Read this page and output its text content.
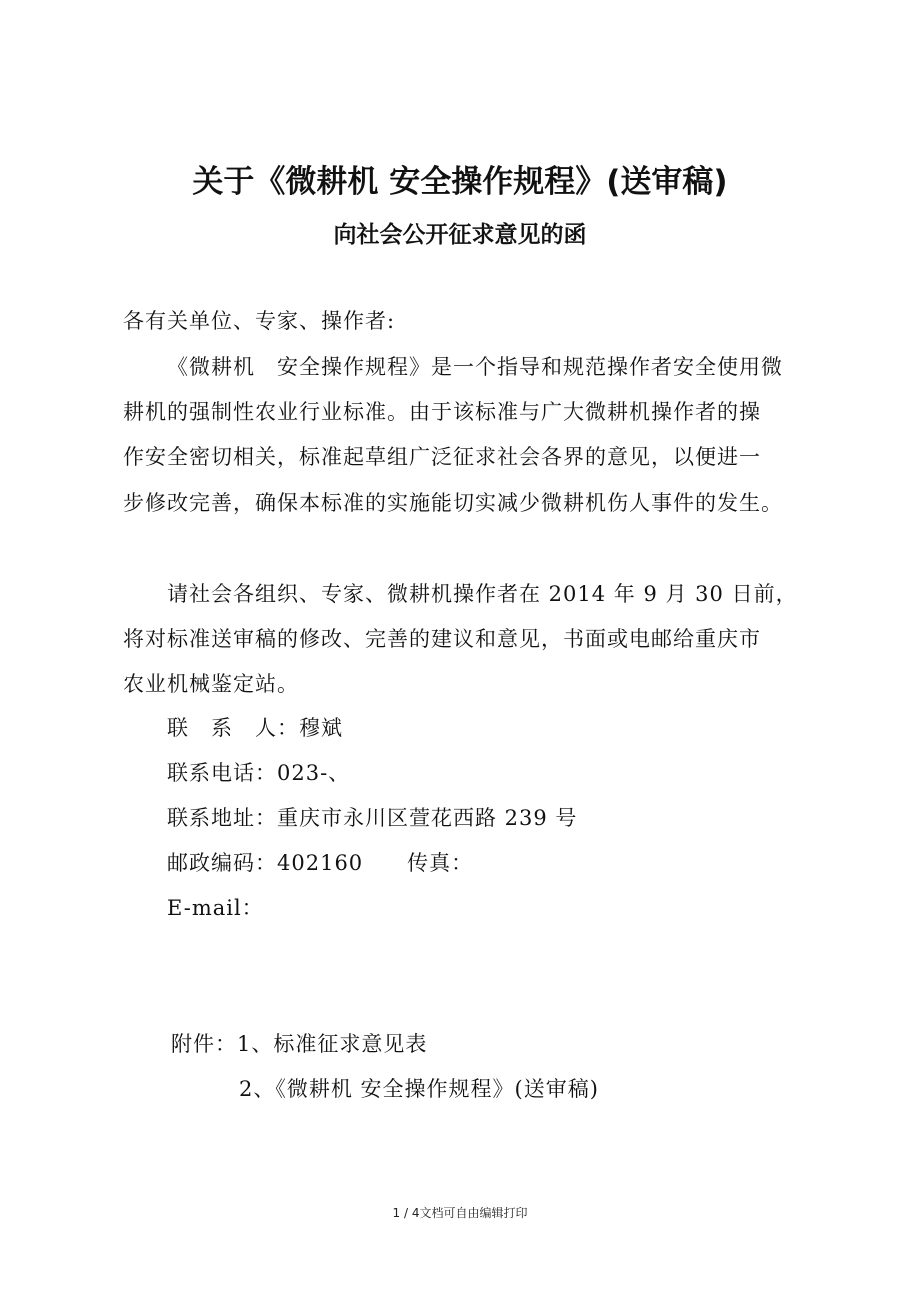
关于《微耕机 安全操作规程》(送审稿)
向社会公开征求意见的函
各有关单位、专家、操作者:
《微耕机　安全操作规程》是一个指导和规范操作者安全使用微
耕机的强制性农业行业标准。由于该标准与广大微耕机操作者的操
作安全密切相关，标准起草组广泛征求社会各界的意见，以便进一
步修改完善，确保本标准的实施能切实减少微耕机伤人事件的发生。
请社会各组织、专家、微耕机操作者在 2014 年 9 月 30 日前，
将对标准送审稿的修改、完善的建议和意见，书面或电邮给重庆市
农业机械鉴定站。
联　系　人：穆斌
联系电话：023-、
联系地址：重庆市永川区萱花西路 239 号
邮政编码：402160　　传真：
E-mail：
附件：1、标准征求意见表
2、《微耕机 安全操作规程》(送审稿)
1 / 4文档可自由编辑打印
